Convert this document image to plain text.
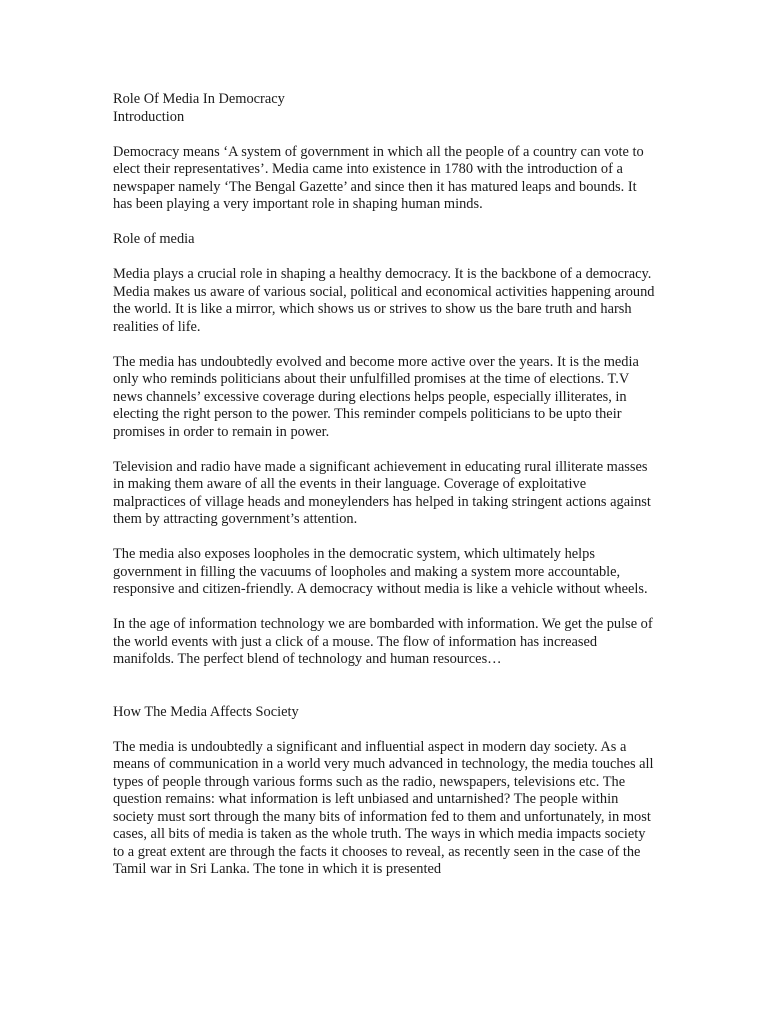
Role Of Media In Democracy

Introduction

Democracy means ‘A system of government in which all the people of a country can vote to elect their representatives’. Media came into existence in 1780 with the introduction of a newspaper namely ‘The Bengal Gazette’ and since then it has matured leaps and bounds. It has been playing a very important role in shaping human minds.

Role of media

Media plays a crucial role in shaping a healthy democracy. It is the backbone of a democracy. Media makes us aware of various social, political and economical activities happening around the world. It is like a mirror, which shows us or strives to show us the bare truth and harsh realities of life.

The media has undoubtedly evolved and become more active over the years. It is the media only who reminds politicians about their unfulfilled promises at the time of elections. T.V news channels’ excessive coverage during elections helps people, especially illiterates, in electing the right person to the power. This reminder compels politicians to be upto their promises in order to remain in power.

Television and radio have made a significant achievement in educating rural illiterate masses in making them aware of all the events in their language. Coverage of exploitative malpractices of village heads and moneylenders has helped in taking stringent actions against them by attracting government’s attention.

The media also exposes loopholes in the democratic system, which ultimately helps government in filling the vacuums of loopholes and making a system more accountable, responsive and citizen-friendly. A democracy without media is like a vehicle without wheels.

In the age of information technology we are bombarded with information. We get the pulse of the world events with just a click of a mouse. The flow of information has increased manifolds. The perfect blend of technology and human resources…

How The Media Affects Society

The media is undoubtedly a significant and influential aspect in modern day society. As a means of communication in a world very much advanced in technology, the media touches all types of people through various forms such as the radio, newspapers, televisions etc. The question remains: what information is left unbiased and untarnished? The people within society must sort through the many bits of information fed to them and unfortunately, in most cases, all bits of media is taken as the whole truth. The ways in which media impacts society to a great extent are through the facts it chooses to reveal, as recently seen in the case of the Tamil war in Sri Lanka. The tone in which it is presented
